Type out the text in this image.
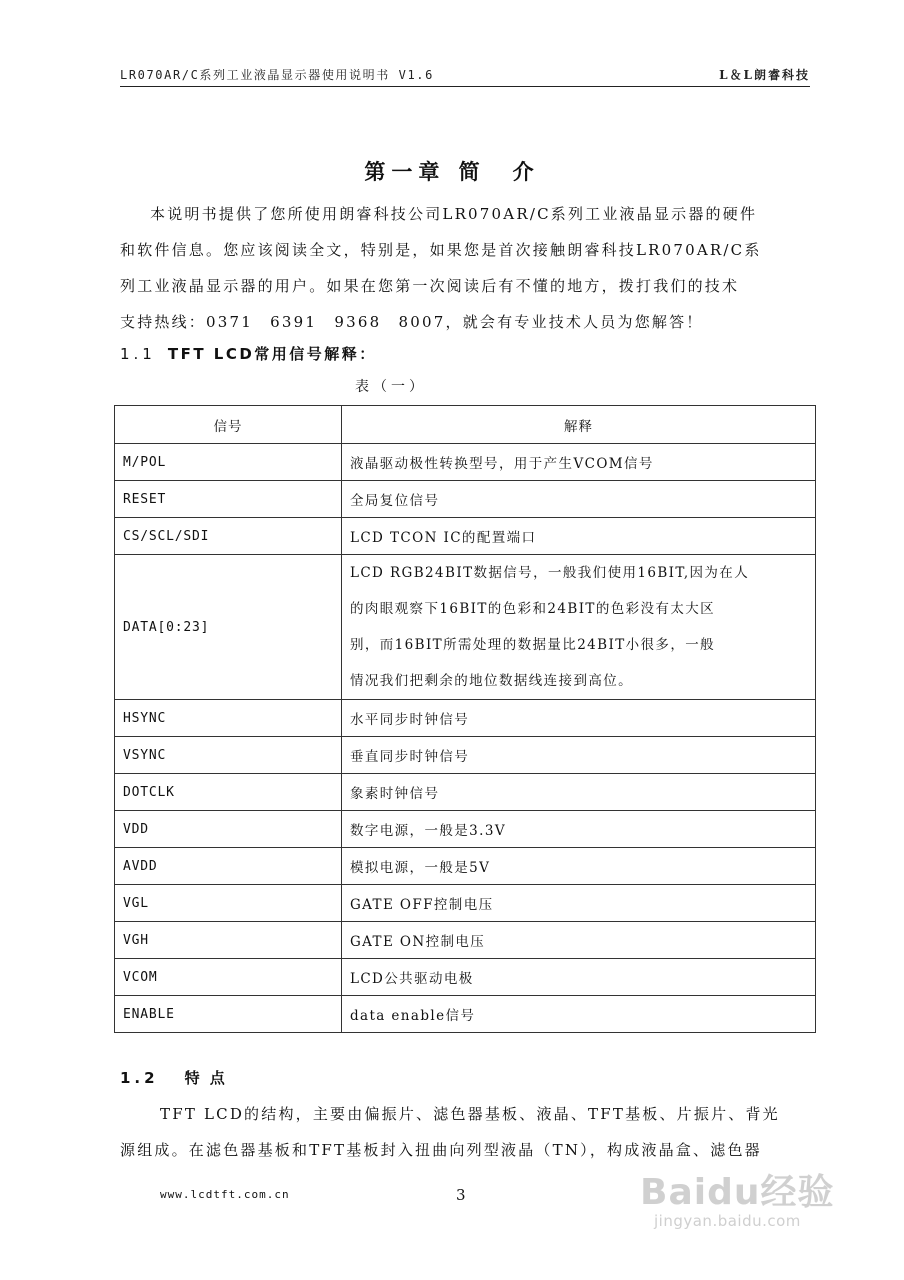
LR070AR/C系列工业液晶显示器使用说明书 V1.6	L＆L朗睿科技
第一章 简　介
本说明书提供了您所使用朗睿科技公司LR070AR/C系列工业液晶显示器的硬件
和软件信息。您应该阅读全文，特别是，如果您是首次接触朗睿科技LR070AR/C系
列工业液晶显示器的用户。如果在您第一次阅读后有不懂的地方，拨打我们的技术
支持热线：0371　6391　9368　8007，就会有专业技术人员为您解答！
1.1 TFT LCD常用信号解释：
表（一）
信号	解释
M/POL	液晶驱动极性转换型号，用于产生VCOM信号
RESET	全局复位信号
CS/SCL/SDI	LCD TCON IC的配置端口
DATA[0:23]	LCD RGB24BIT数据信号，一般我们使用16BIT,因为在人
的肉眼观察下16BIT的色彩和24BIT的色彩没有太大区
别，而16BIT所需处理的数据量比24BIT小很多，一般
情况我们把剩余的地位数据线连接到高位。

HSYNC	水平同步时钟信号
VSYNC	垂直同步时钟信号
DOTCLK	象素时钟信号
VDD	数字电源，一般是3.3V
AVDD	模拟电源，一般是5V
VGL	GATE OFF控制电压
VGH	GATE ON控制电压
VCOM	LCD公共驱动电极
ENABLE	data enable信号
1.2 特 点
TFT LCD的结构，主要由偏振片、滤色器基板、液晶、TFT基板、片振片、背光
源组成。在滤色器基板和TFT基板封入扭曲向列型液晶（TN），构成液晶盒、滤色器
www.lcdtft.com.cn	3	Baidu经验
jingyan.baidu.com
